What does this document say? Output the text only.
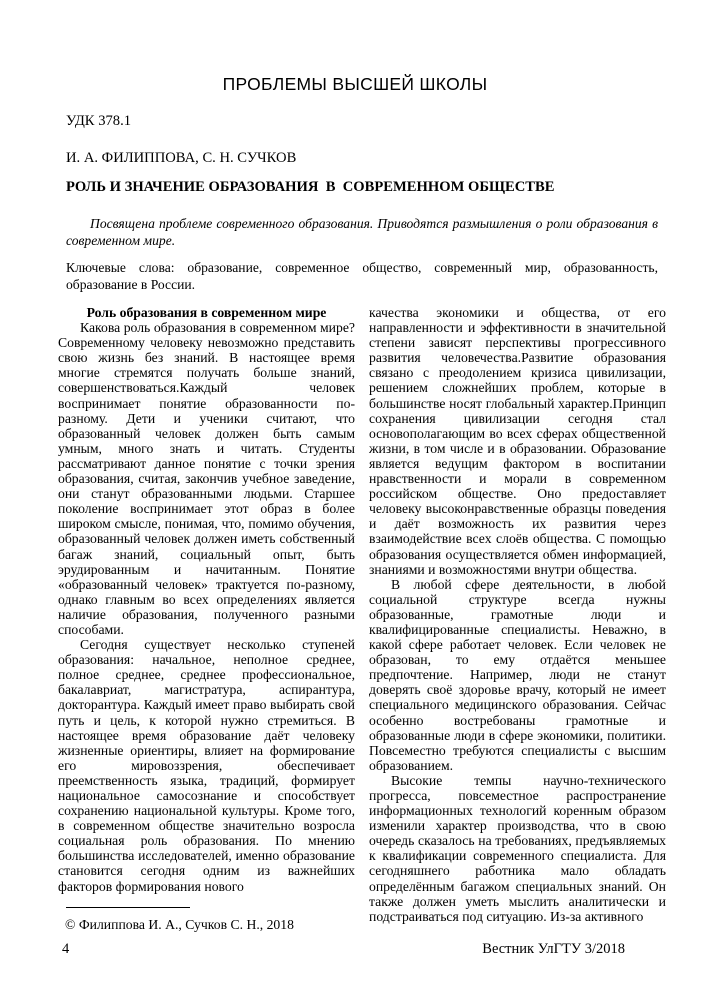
ПРОБЛЕМЫ ВЫСШЕЙ ШКОЛЫ
УДК 378.1
И. А. ФИЛИППОВА, С. Н. СУЧКОВ
РОЛЬ И ЗНАЧЕНИЕ ОБРАЗОВАНИЯ  В  СОВРЕМЕННОМ ОБЩЕСТВЕ
Посвящена проблеме современного образования. Приводятся размышления о роли образования в современном мире.
Ключевые слова: образование, современное общество, современный мир, образованность, образование в России.
Роль образования в современном мире

Какова роль образования в современном мире? Современному человеку невозможно представить свою жизнь без знаний. В настоящее время многие стремятся получать больше знаний, совершенствоваться.Каждый человек воспринимает понятие образованности по-разному. Дети и ученики считают, что образованный человек должен быть самым умным, много знать и читать. Студенты рассматривают данное понятие с точки зрения образования, считая, закончив учебное заведение, они станут образованными людьми. Старшее поколение воспринимает этот образ в более широком смысле, понимая, что, помимо обучения, образованный человек должен иметь собственный багаж знаний, социальный опыт, быть эрудированным и начитанным. Понятие «образованный человек» трактуется по-разному, однако главным во всех определениях является наличие образования, полученного разными способами.

Сегодня существует несколько ступеней образования: начальное, неполное среднее, полное среднее, среднее профессиональное, бакалавриат, магистратура, аспирантура, докторантура. Каждый имеет право выбирать свой путь и цель, к которой нужно стремиться. В настоящее время образование даёт человеку жизненные ориентиры, влияет на формирование его мировоззрения, обеспечивает преемственность языка, традиций, формирует национальное самосознание и способствует сохранению национальной культуры. Кроме того, в современном обществе значительно возросла социальная роль образования. По мнению большинства исследователей, именно образование становится сегодня одним из важнейших факторов формирования нового

© Филиппова И. А., Сучков С. Н., 2018

качества экономики и общества, от его направленности и эффективности в значительной степени зависят перспективы прогрессивного развития человечества.Развитие образования связано с преодолением кризиса цивилизации, решением сложнейших проблем, которые в большинстве носят глобальный характер.Принцип сохранения цивилизации сегодня стал основополагающим во всех сферах общественной жизни, в том числе и в образовании. Образование является ведущим фактором в воспитании нравственности и морали в современном российском обществе. Оно предоставляет человеку высоконравственные образцы поведения и даёт возможность их развития через взаимодействие всех слоёв общества. С помощью образования осуществляется обмен информацией, знаниями и возможностями внутри общества.

В любой сфере деятельности, в любой социальной структуре всегда нужны образованные, грамотные люди и квалифицированные специалисты. Неважно, в какой сфере работает человек. Если человек не образован, то ему отдаётся меньшее предпочтение. Например, люди не станут доверять своё здоровье врачу, который не имеет специального медицинского образования. Сейчас особенно востребованы грамотные и образованные люди в сфере экономики, политики. Повсеместно требуются специалисты с высшим образованием.

Высокие темпы научно-технического прогресса, повсеместное распространение информационных технологий коренным образом изменили характер производства, что в свою очередь сказалось на требованиях, предъявляемых к квалификации современного специалиста. Для сегодняшнего работника мало обладать определённым багажом специальных знаний. Он также должен уметь мыслить аналитически и подстраиваться под ситуацию. Из-за активного

4	Вестник УлГТУ 3/2018
